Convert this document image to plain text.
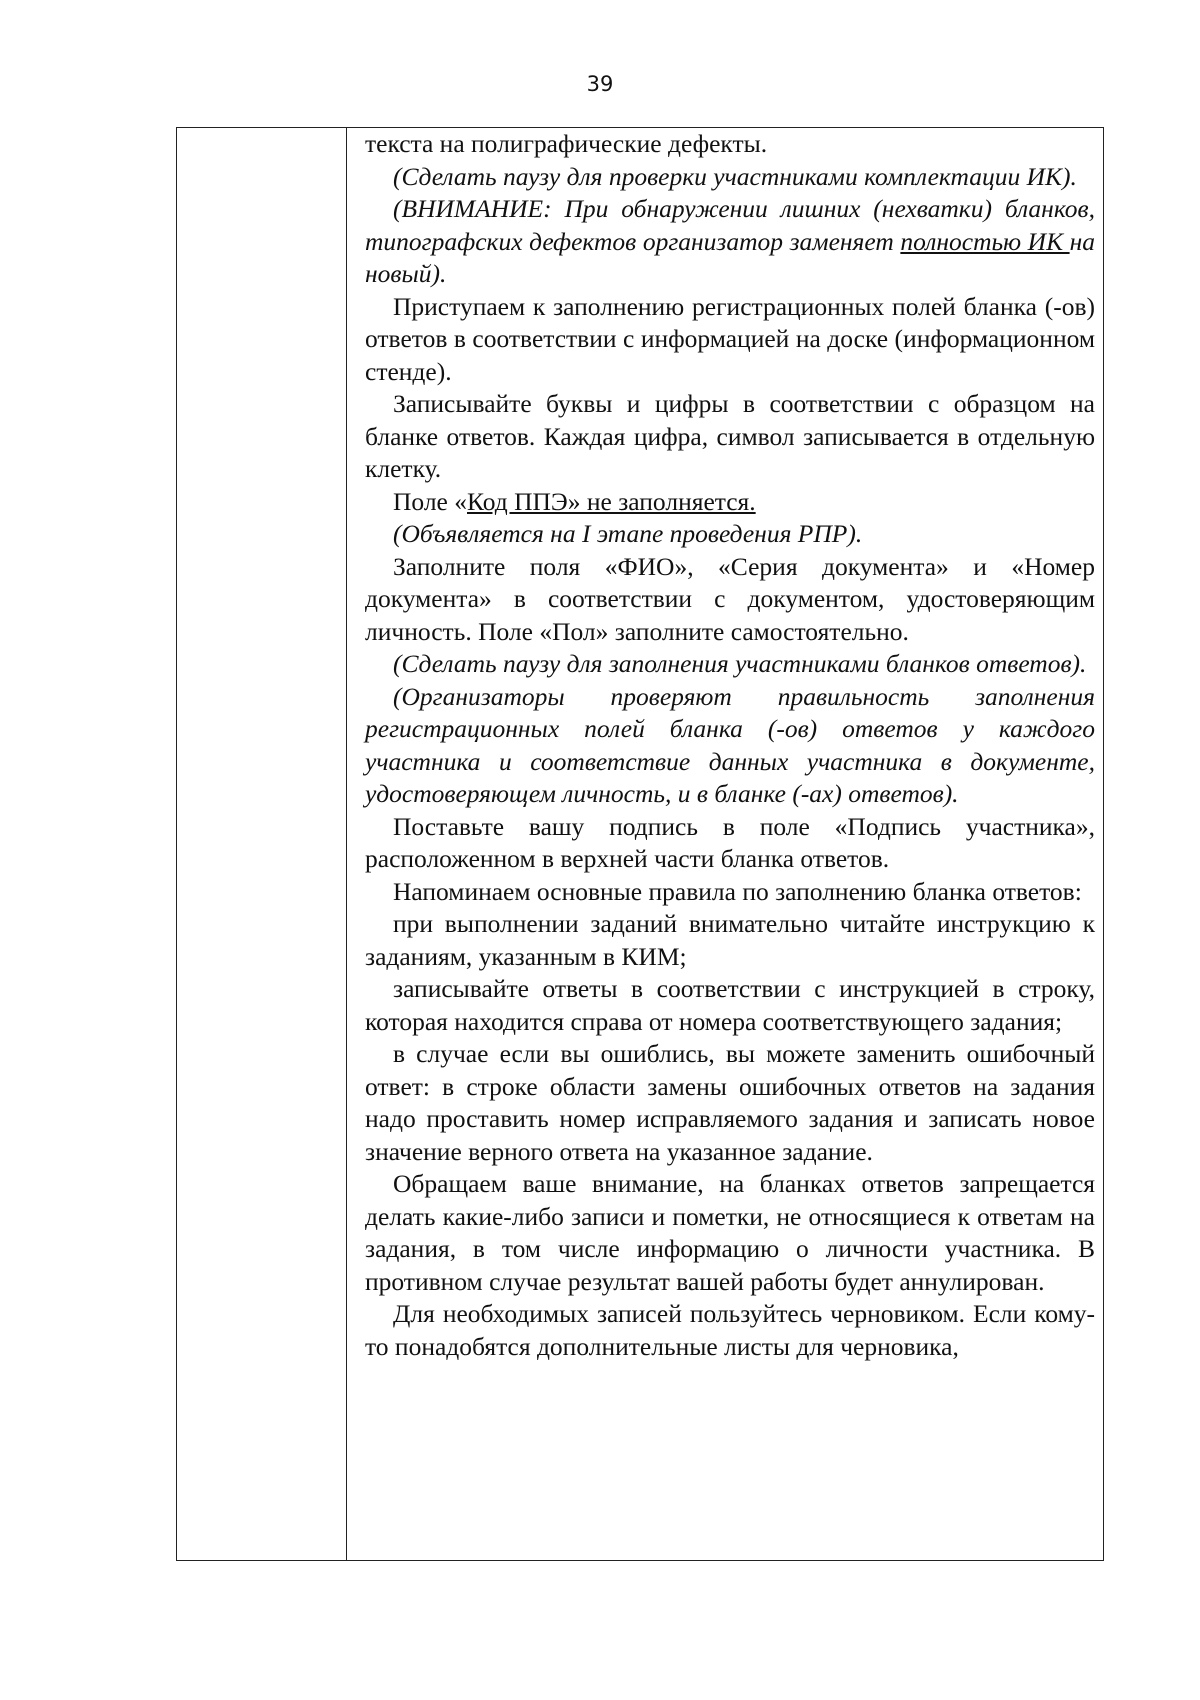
39

текста на полиграфические дефекты.

(Сделать паузу для проверки участниками комплектации ИК).

(ВНИМАНИЕ: При обнаружении лишних (нехватки) бланков, типографских дефектов организатор заменяет полностью ИК на новый).

Приступаем к заполнению регистрационных полей бланка (-ов) ответов в соответствии с информацией на доске (информационном стенде).

Записывайте буквы и цифры в соответствии с образцом на бланке ответов. Каждая цифра, символ записывается в отдельную клетку.

Поле «Код ППЭ» не заполняется.

(Объявляется на I этапе проведения РПР).

Заполните поля «ФИО», «Серия документа» и «Номер документа» в соответствии с документом, удостоверяющим личность. Поле «Пол» заполните самостоятельно.

(Сделать паузу для заполнения участниками бланков ответов).

(Организаторы проверяют правильность заполнения регистрационных полей бланка (-ов) ответов у каждого участника и соответствие данных участника в документе, удостоверяющем личность, и в бланке (-ах) ответов).

Поставьте вашу подпись в поле «Подпись участника», расположенном в верхней части бланка ответов.

Напоминаем основные правила по заполнению бланка ответов:

при выполнении заданий внимательно читайте инструкцию к заданиям, указанным в КИМ;

записывайте ответы в соответствии с инструкцией в строку, которая находится справа от номера соответствующего задания;

в случае если вы ошиблись, вы можете заменить ошибочный ответ: в строке области замены ошибочных ответов на задания надо проставить номер исправляемого задания и записать новое значение верного ответа на указанное задание.

Обращаем ваше внимание, на бланках ответов запрещается делать какие-либо записи и пометки, не относящиеся к ответам на задания, в том числе информацию о личности участника. В противном случае результат вашей работы будет аннулирован.

Для необходимых записей пользуйтесь черновиком. Если кому-то понадобятся дополнительные листы для черновика,
